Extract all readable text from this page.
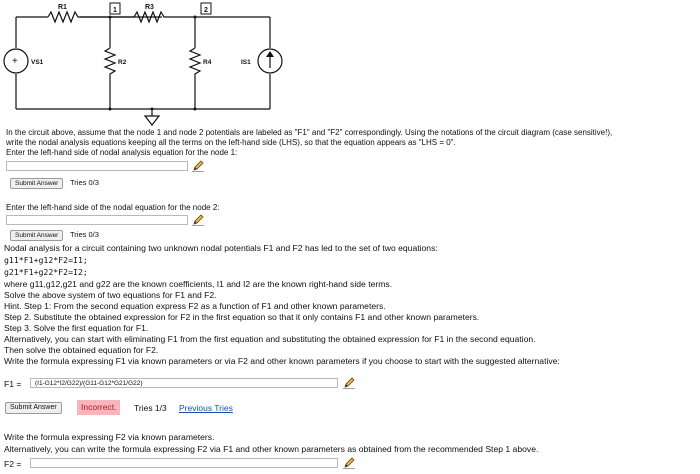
R1	R3
1	2
VS1
+	R2	R4	IS1
In the circuit above, assume that the node 1 and node 2 potentials are labeled as "F1" and "F2" correspondingly. Using the notations of the circuit diagram (case sensitive!),
write the nodal analysis equations keeping all the terms on the left-hand side (LHS), so that the equation appears as "LHS = 0".
Enter the left-hand side of nodal analysis equation for the node 1:
Submit Answer	Tries 0/3
Enter the left-hand side of the nodal equation for the node 2:
Submit Answer	Tries 0/3
Nodal analysis for a circuit containing two unknown nodal potentials F1 and F2 has led to the set of two equations:
g11*F1+g12*F2=I1;
g21*F1+g22*F2=I2;
where g11,g12,g21 and g22 are the known coefficients, I1 and I2 are the known right-hand side terms.
Solve the above system of two equations for F1 and F2.
Hint. Step 1: From the second equation express F2 as a function of F1 and other known parameters.
Step 2. Substitute the obtained expression for F2 in the first equation so that it only contains F1 and other known parameters.
Step 3. Solve the first equation for F1.
Alternatively, you can start with eliminating F1 from the first equation and substituting the obtained expression for F1 in the second equation.
Then solve the obtained equation for F2.
Write the formula expressing F1 via known parameters or via F2 and other known parameters if you choose to start with the suggested alternative:
F1 =	(I1-G12*I2/G22)/(G11-G12*G21/G22)
Submit Answer	Incorrect.	Tries 1/3 Previous Tries
Write the formula expressing F2 via known parameters.
Alternatively, you can write the formula expressing F2 via F1 and other known parameters as obtained from the recommended Step 1 above.
F2 =
